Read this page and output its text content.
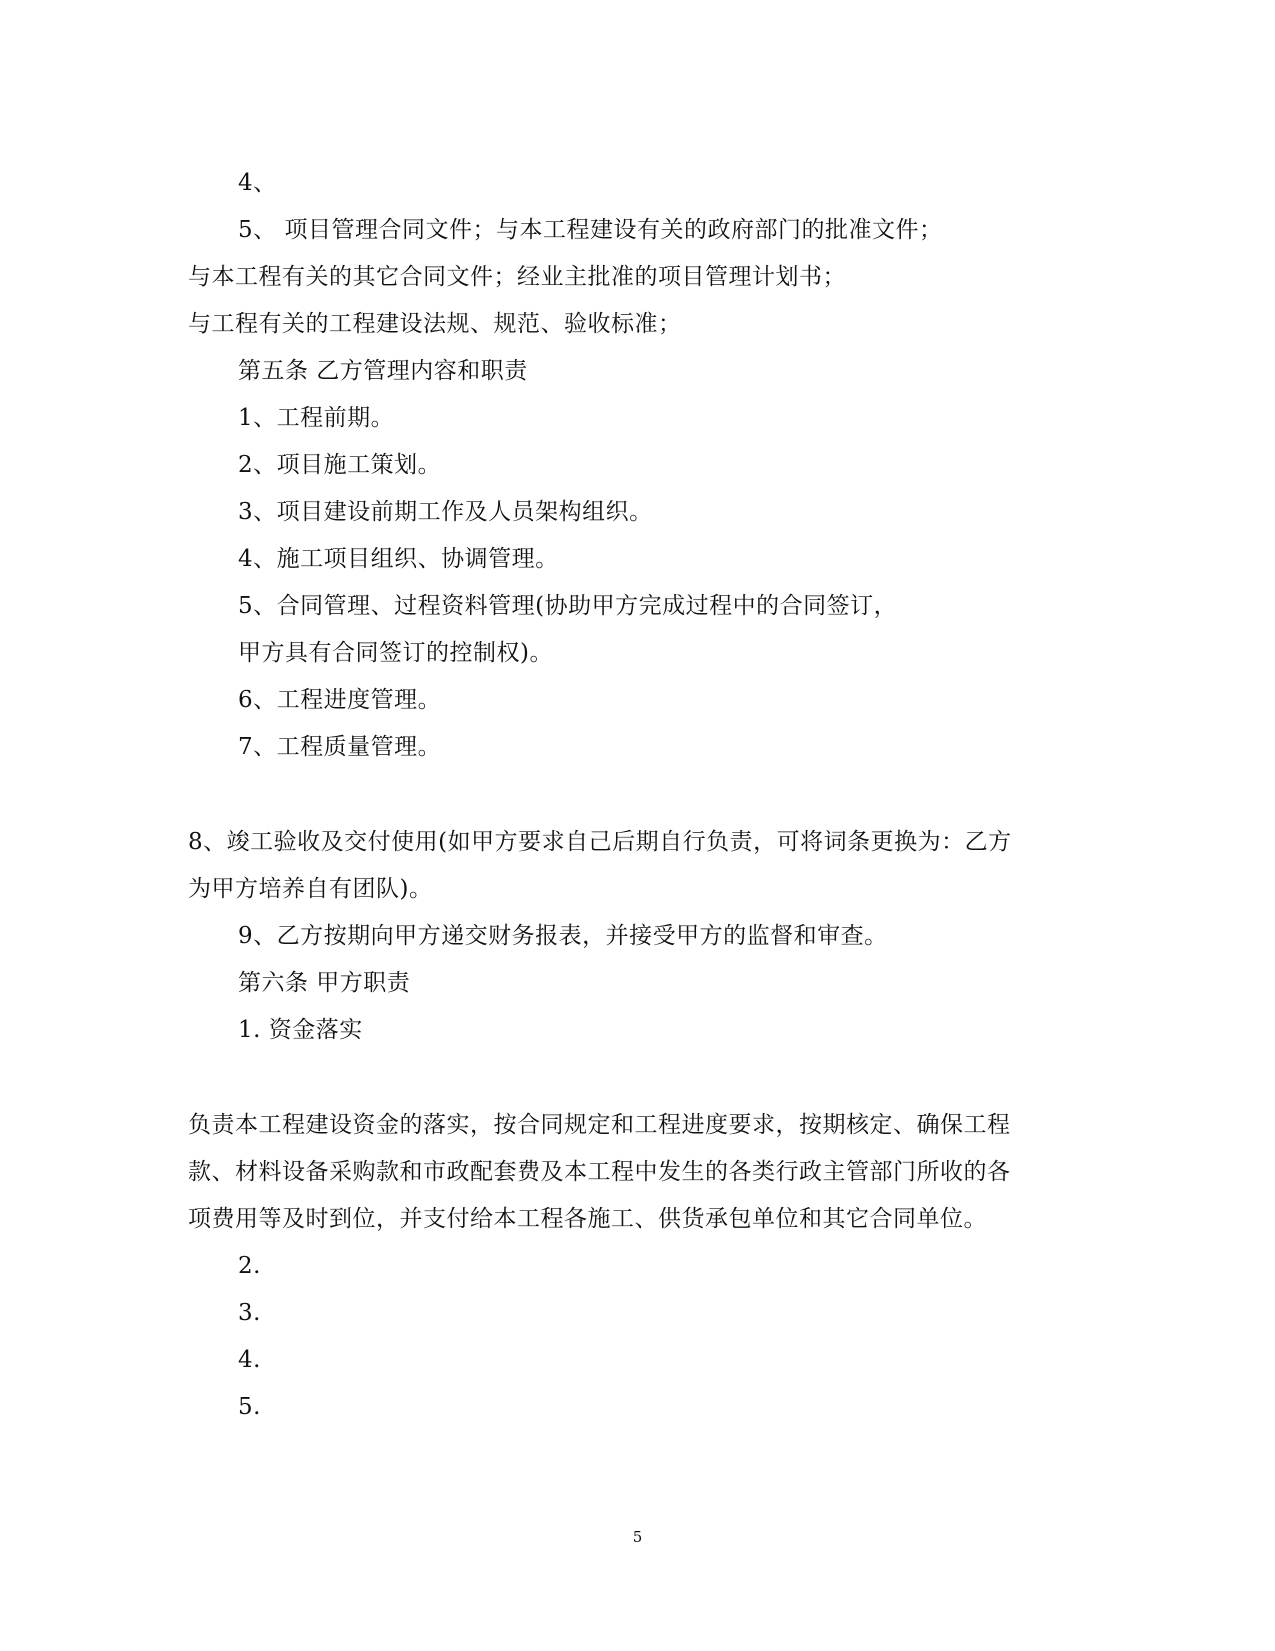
4、
5、 项目管理合同文件；与本工程建设有关的政府部门的批准文件；
与本工程有关的其它合同文件；经业主批准的项目管理计划书；
与工程有关的工程建设法规、规范、验收标准；
第五条 乙方管理内容和职责
1、工程前期。
2、项目施工策划。
3、项目建设前期工作及人员架构组织。
4、施工项目组织、协调管理。
5、合同管理、过程资料管理(协助甲方完成过程中的合同签订，
甲方具有合同签订的控制权)。
6、工程进度管理。
7、工程质量管理。
8、竣工验收及交付使用(如甲方要求自己后期自行负责，可将词条更换为：乙方
为甲方培养自有团队)。
9、乙方按期向甲方递交财务报表，并接受甲方的监督和审查。
第六条 甲方职责
1. 资金落实
负责本工程建设资金的落实，按合同规定和工程进度要求，按期核定、确保工程
款、材料设备采购款和市政配套费及本工程中发生的各类行政主管部门所收的各
项费用等及时到位，并支付给本工程各施工、供货承包单位和其它合同单位。
2.
3.
4.
5.
5
